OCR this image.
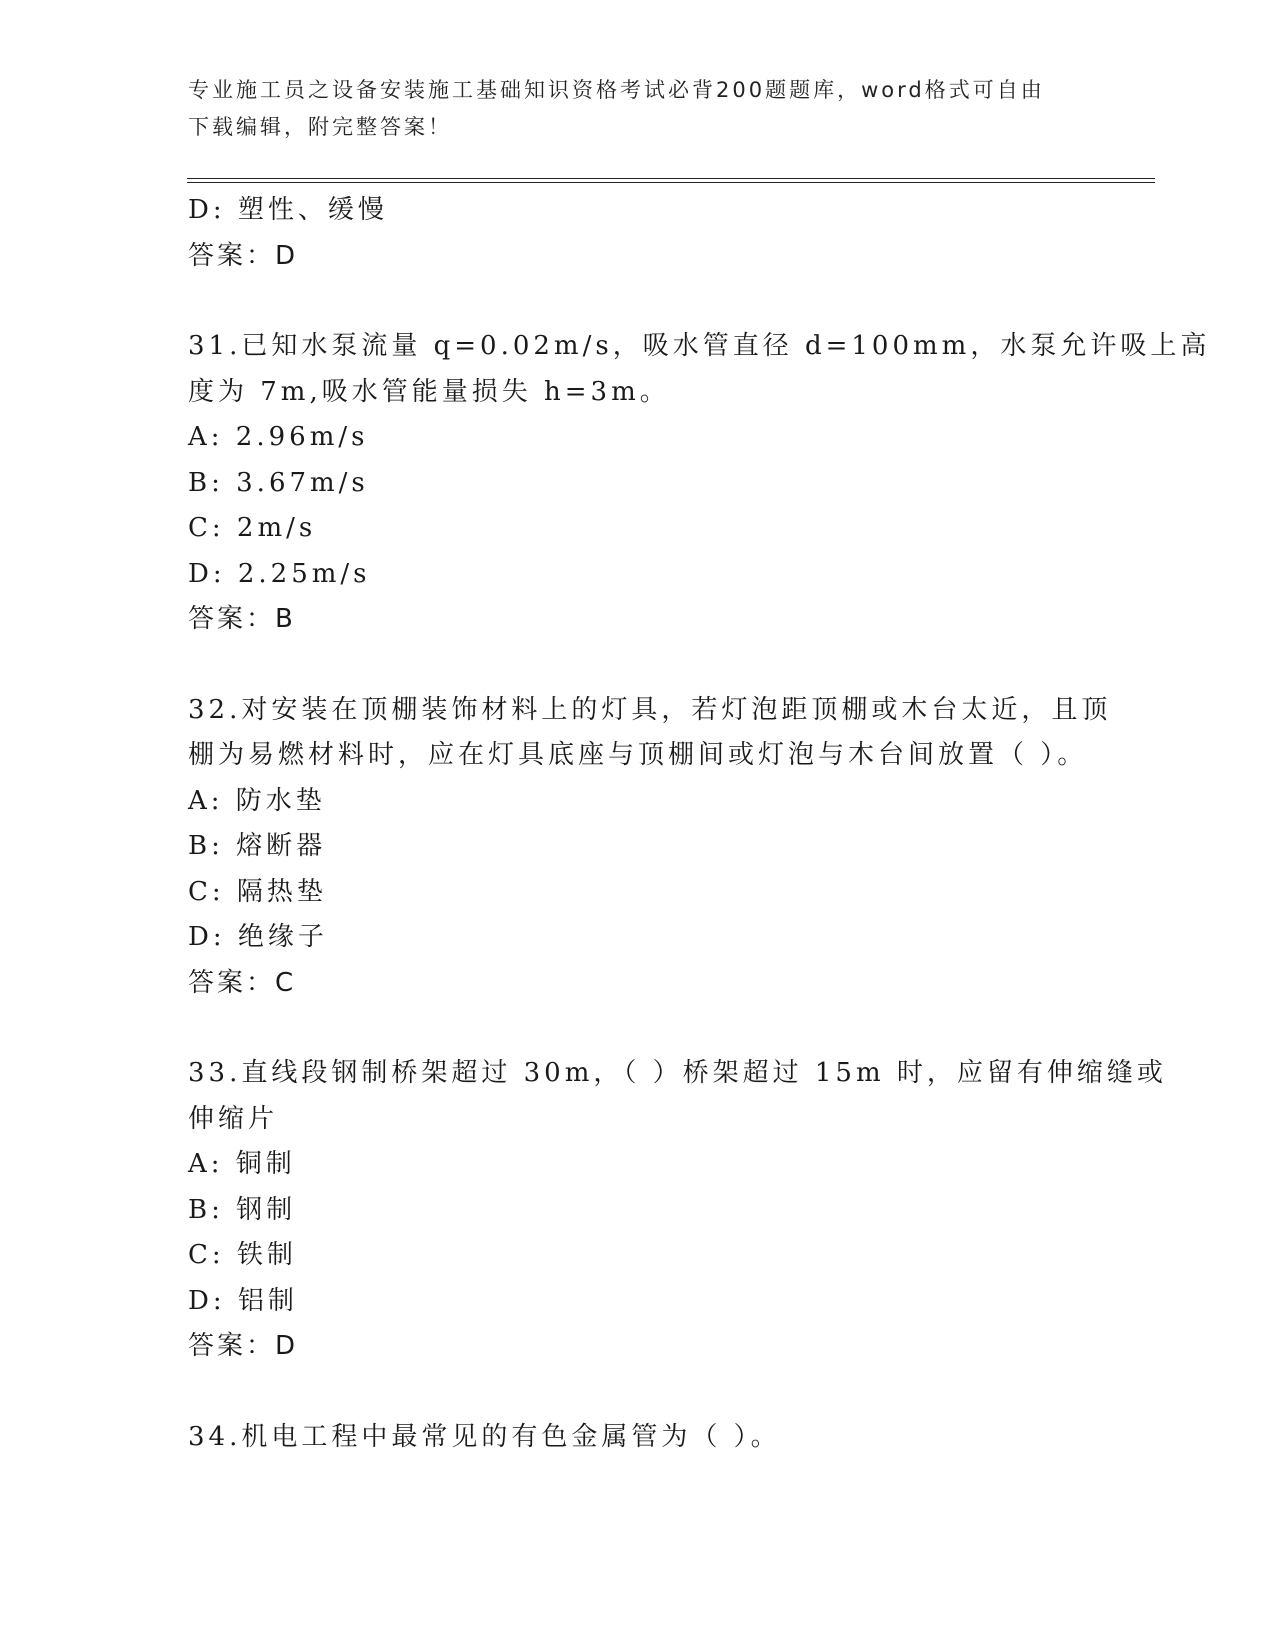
专业施工员之设备安装施工基础知识资格考试必背200题题库，word格式可自由
下载编辑，附完整答案！
D: 塑性、缓慢
答案：D
31.已知水泵流量 q=0.02m/s，吸水管直径 d=100mm，水泵允许吸上高
度为 7m,吸水管能量损失 h=3m。
A: 2.96m/s
B: 3.67m/s
C: 2m/s
D: 2.25m/s
答案：B
32.对安装在顶棚装饰材料上的灯具，若灯泡距顶棚或木台太近，且顶
棚为易燃材料时，应在灯具底座与顶棚间或灯泡与木台间放置（ ）。
A: 防水垫
B: 熔断器
C: 隔热垫
D: 绝缘子
答案：C
33.直线段钢制桥架超过 30m，（ ）桥架超过 15m 时，应留有伸缩缝或
伸缩片
A: 铜制
B: 钢制
C: 铁制
D: 铝制
答案：D
34.机电工程中最常见的有色金属管为（ ）。
